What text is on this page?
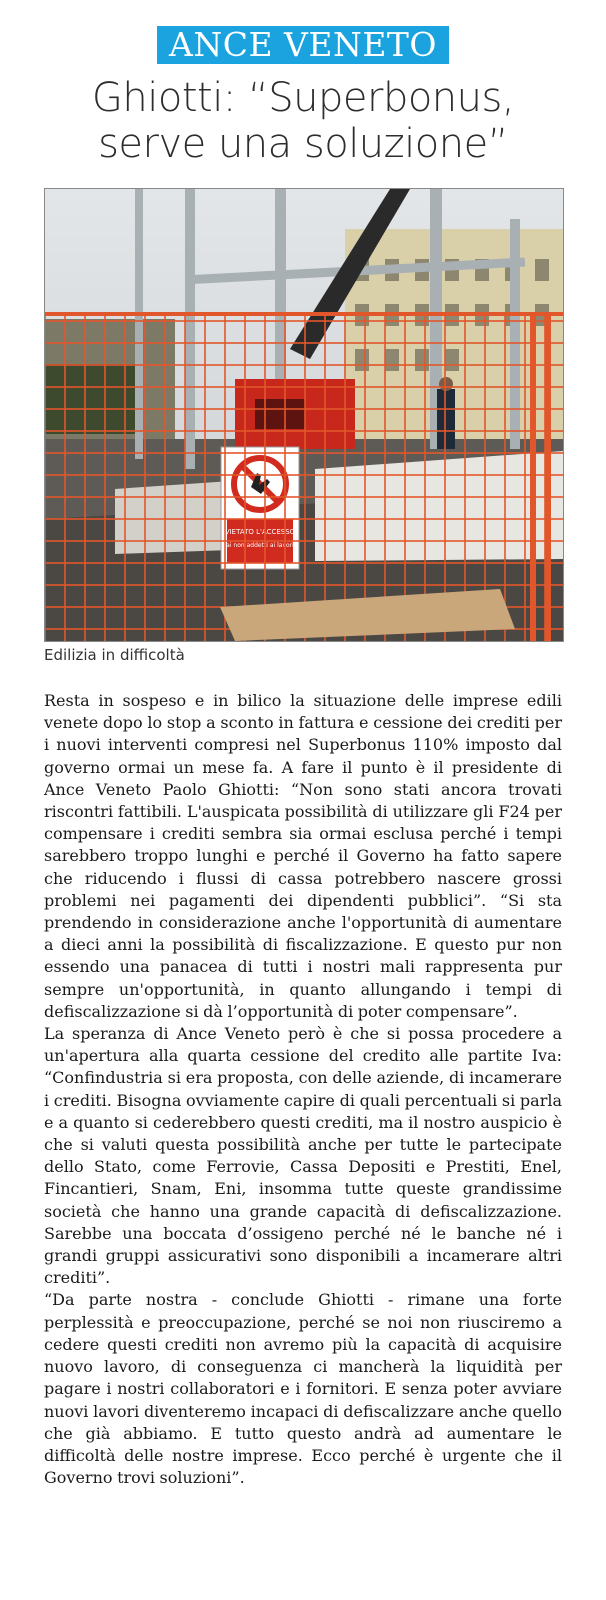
ANCE VENETO
Ghiotti: “Superbonus,
serve una soluzione”
Edilizia in difficoltà

Resta in sospeso e in bilico la situazione delle imprese edili venete dopo lo stop a sconto in fattura e cessione dei crediti per i nuovi interventi compresi nel Superbonus 110% imposto dal governo ormai un mese fa. A fare il punto è il presidente di Ance Veneto Paolo Ghiotti: “Non sono stati ancora trovati riscontri fattibili. L'auspicata possibilità di utilizzare gli F24 per compensare i crediti sembra sia ormai esclusa perché i tempi sarebbero troppo lunghi e perché il Governo ha fatto sapere che riducendo i flussi di cassa potrebbero nascere grossi problemi nei pagamenti dei dipendenti pubblici”. “Si sta prendendo in considerazione anche l'opportunità di aumentare a dieci anni la possibilità di fiscalizzazione. E questo pur non essendo una panacea di tutti i nostri mali rappresenta pur sempre un'opportunità, in quanto allungando i tempi di defiscalizzazione si dà l’opportunità di poter compensare”.

La speranza di Ance Veneto però è che si possa procedere a un'apertura alla quarta cessione del credito alle partite Iva: “Confindustria si era proposta, con delle aziende, di incamerare i crediti. Bisogna ovviamente capire di quali percentuali si parla e a quanto si cederebbero questi crediti, ma il nostro auspicio è che si valuti questa possibilità anche per tutte le partecipate dello Stato, come Ferrovie, Cassa Depositi e Prestiti, Enel, Fincantieri, Snam, Eni, insomma tutte queste grandissime società che hanno una grande capacità di defiscalizzazione. Sarebbe una boccata d’ossigeno perché né le banche né i grandi gruppi assicurativi sono disponibili a incamerare altri crediti”.

“Da parte nostra - conclude Ghiotti - rimane una forte perplessità e preoccupazione, perché se noi non riusciremo a cedere questi crediti non avremo più la capacità di acquisire nuovo lavoro, di conseguenza ci mancherà la liquidità per pagare i nostri collaboratori e i fornitori. E senza poter avviare nuovi lavori diventeremo incapaci di defiscalizzare anche quello che già abbiamo. E tutto questo andrà ad aumentare le difficoltà delle nostre imprese. Ecco perché è urgente che il Governo trovi soluzioni”.
